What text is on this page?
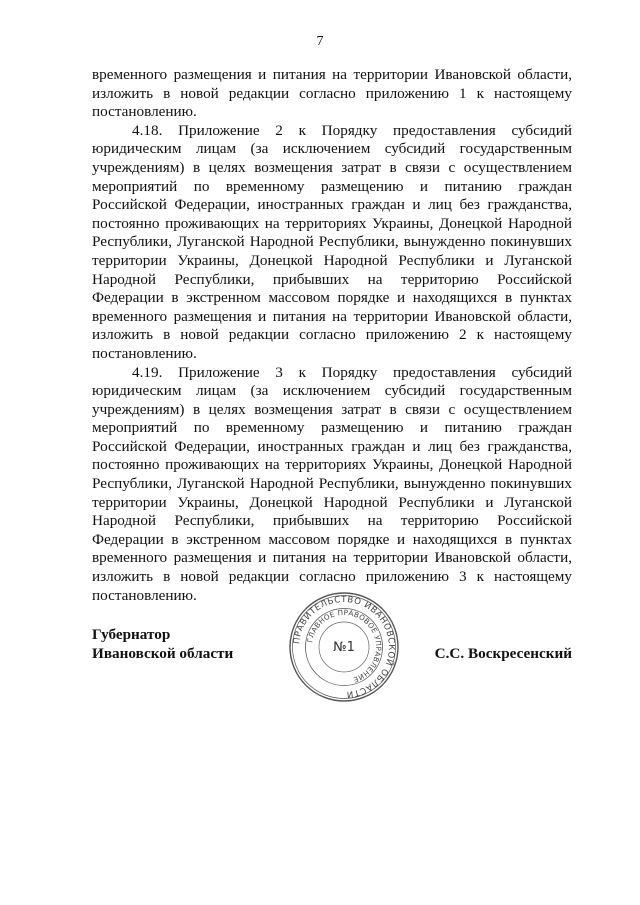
7

временного размещения и питания на территории Ивановской области, изложить в новой редакции согласно приложению 1 к настоящему постановлению.

4.18. Приложение 2 к Порядку предоставления субсидий юридическим лицам (за исключением субсидий государственным учреждениям) в целях возмещения затрат в связи с осуществлением мероприятий по временному размещению и питанию граждан Российской Федерации, иностранных граждан и лиц без гражданства, постоянно проживающих на территориях Украины, Донецкой Народной Республики, Луганской Народной Республики, вынужденно покинувших территории Украины, Донецкой Народной Республики и Луганской Народной Республики, прибывших на территорию Российской Федерации в экстренном массовом порядке и находящихся в пунктах временного размещения и питания на территории Ивановской области, изложить в новой редакции согласно приложению 2 к настоящему постановлению.

4.19. Приложение 3 к Порядку предоставления субсидий юридическим лицам (за исключением субсидий государственным учреждениям) в целях возмещения затрат в связи с осуществлением мероприятий по временному размещению и питанию граждан Российской Федерации, иностранных граждан и лиц без гражданства, постоянно проживающих на территориях Украины, Донецкой Народной Республики, Луганской Народной Республики, вынужденно покинувших территории Украины, Донецкой Народной Республики и Луганской Народной Республики, прибывших на территорию Российской Федерации в экстренном массовом порядке и находящихся в пунктах временного размещения и питания на территории Ивановской области, изложить в новой редакции согласно приложению 3 к настоящему постановлению.

Губернатор
Ивановской области
ПРАВИТЕЛЬСТВО ИВАНОВСКОЙ ОБЛАСТИ
ГЛАВНОЕ ПРАВОВОЕ УПРАВЛЕНИЕ
№1	С.С. Воскресенский
